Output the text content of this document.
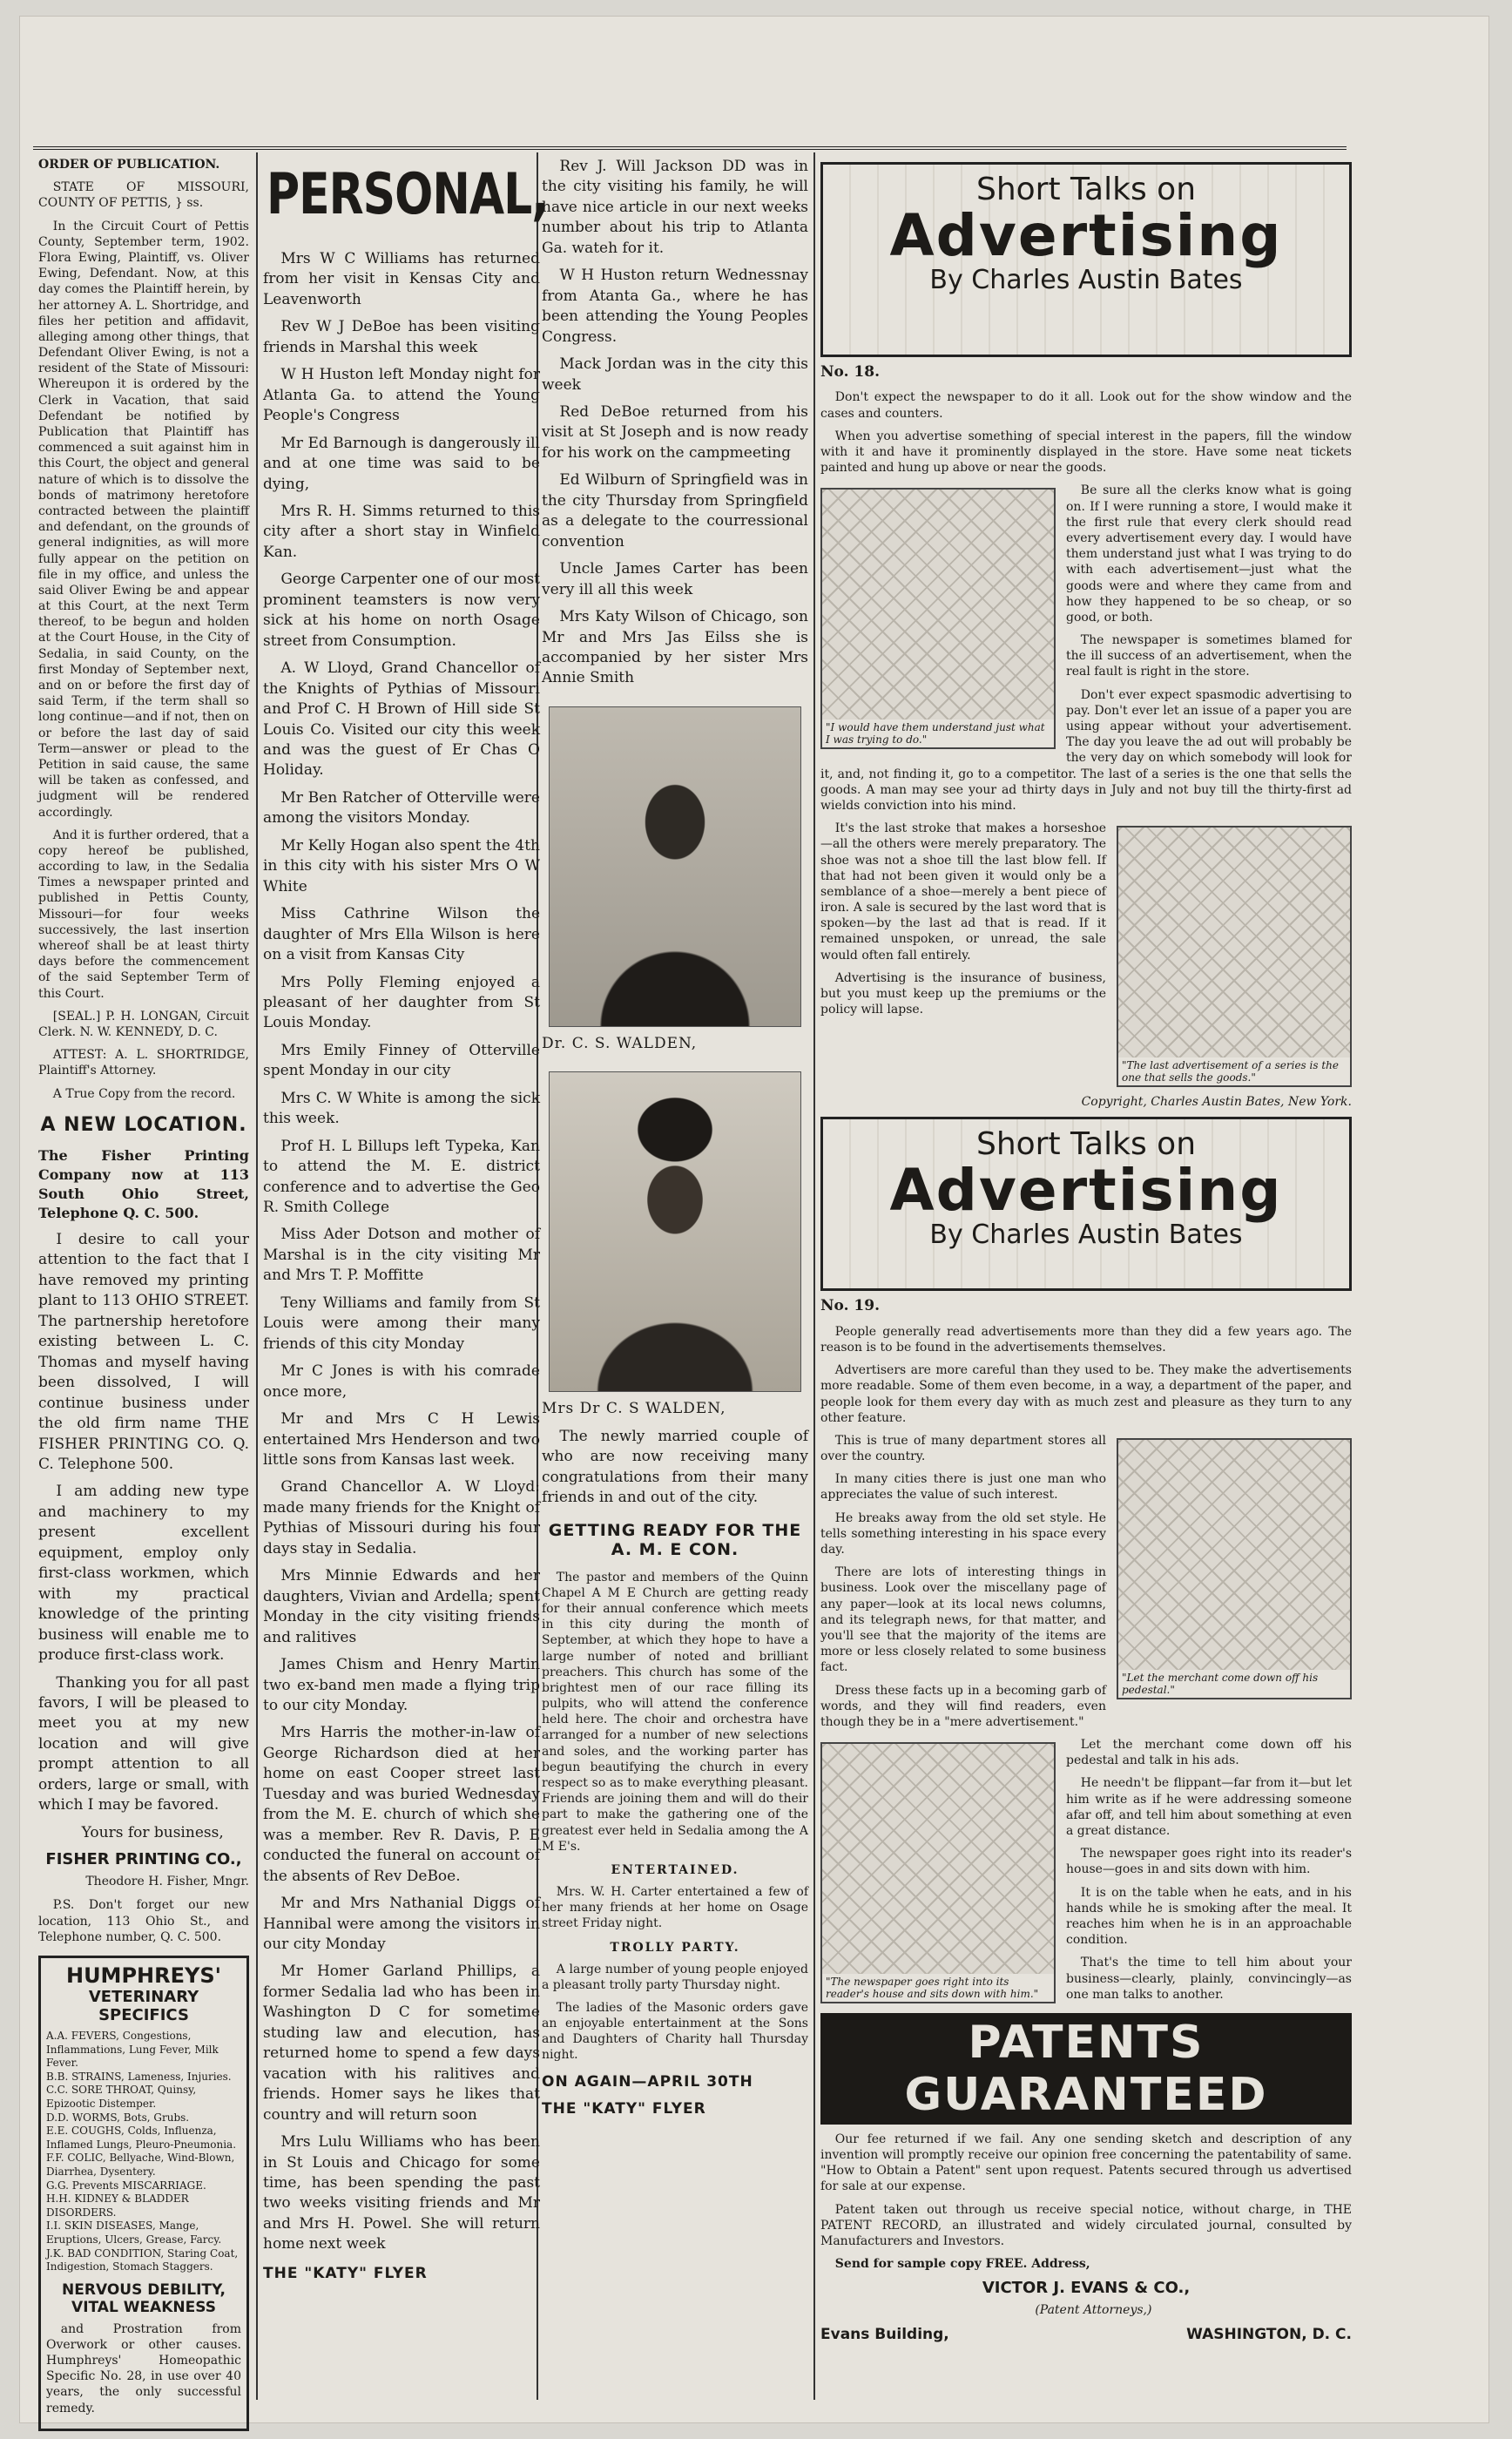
ORDER OF PUBLICATION.

STATE OF MISSOURI, COUNTY OF PETTIS, } ss.

In the Circuit Court of Pettis County, September term, 1902. Flora Ewing, Plaintiff, vs. Oliver Ewing, Defendant. Now, at this day comes the Plaintiff herein, by her attorney A. L. Shortridge, and files her petition and affidavit, alleging among other things, that Defendant Oliver Ewing, is not a resident of the State of Missouri: Whereupon it is ordered by the Clerk in Vacation, that said Defendant be notified by Publication that Plaintiff has commenced a suit against him in this Court, the object and general nature of which is to dissolve the bonds of matrimony heretofore contracted between the plaintiff and defendant, on the grounds of general indignities, as will more fully appear on the petition on file in my office, and unless the said Oliver Ewing be and appear at this Court, at the next Term thereof, to be begun and holden at the Court House, in the City of Sedalia, in said County, on the first Monday of September next, and on or before the first day of said Term, if the term shall so long continue—and if not, then on or before the last day of said Term—answer or plead to the Petition in said cause, the same will be taken as confessed, and judgment will be rendered accordingly.

And it is further ordered, that a copy hereof be published, according to law, in the Sedalia Times a newspaper printed and published in Pettis County, Missouri—for four weeks successively, the last insertion whereof shall be at least thirty days before the commencement of the said September Term of this Court.

[SEAL.] P. H. LONGAN, Circuit Clerk. N. W. KENNEDY, D. C.

ATTEST: A. L. SHORTRIDGE, Plaintiff's Attorney.

A True Copy from the record.

A NEW LOCATION.

The Fisher Printing Company now at 113 South Ohio Street, Telephone Q. C. 500.

I desire to call your attention to the fact that I have removed my printing plant to 113 OHIO STREET. The partnership heretofore existing between L. C. Thomas and myself having been dissolved, I will continue business under the old firm name THE FISHER PRINTING CO. Q. C. Telephone 500.

I am adding new type and machinery to my present excellent equipment, employ only first-class workmen, which with my practical knowledge of the printing business will enable me to produce first-class work.

Thanking you for all past favors, I will be pleased to meet you at my new location and will give prompt attention to all orders, large or small, with which I may be favored.

Yours for business,

FISHER PRINTING CO.,

Theodore H. Fisher, Mngr.

P.S. Don't forget our new location, 113 Ohio St., and Telephone number, Q. C. 500.

HUMPHREYS'
VETERINARY SPECIFICS
A.A. FEVERS, Congestions, Inflammations, Lung Fever, Milk Fever.
B.B. STRAINS, Lameness, Injuries.
C.C. SORE THROAT, Quinsy, Epizootic Distemper.
D.D. WORMS, Bots, Grubs.
E.E. COUGHS, Colds, Influenza, Inflamed Lungs, Pleuro-Pneumonia.
F.F. COLIC, Bellyache, Wind-Blown, Diarrhea, Dysentery.
G.G. Prevents MISCARRIAGE.
H.H. KIDNEY & BLADDER DISORDERS.
I.I. SKIN DISEASES, Mange, Eruptions, Ulcers, Grease, Farcy.
J.K. BAD CONDITION, Staring Coat, Indigestion, Stomach Staggers.
NERVOUS DEBILITY, VITAL WEAKNESS

and Prostration from Overwork or other causes. Humphreys' Homeopathic Specific No. 28, in use over 40 years, the only successful remedy.

PERSONAL,

Mrs W C Williams has returned from her visit in Kensas City and Leavenworth

Rev W J DeBoe has been visiting friends in Marshal this week

W H Huston left Monday night for Atlanta Ga. to attend the Young People's Congress

Mr Ed Barnough is dangerously ill and at one time was said to be dying,

Mrs R. H. Simms returned to this city after a short stay in Winfield Kan.

George Carpenter one of our most prominent teamsters is now very sick at his home on north Osage street from Consumption.

A. W Lloyd, Grand Chancellor of the Knights of Pythias of Missouri and Prof C. H Brown of Hill side St Louis Co. Visited our city this week and was the guest of Er Chas O Holiday.

Mr Ben Ratcher of Otterville were among the visitors Monday.

Mr Kelly Hogan also spent the 4th in this city with his sister Mrs O W White

Miss Cathrine Wilson the daughter of Mrs Ella Wilson is here on a visit from Kansas City

Mrs Polly Fleming enjoyed a pleasant of her daughter from St Louis Monday.

Mrs Emily Finney of Otterville spent Monday in our city

Mrs C. W White is among the sick this week.

Prof H. L Billups left Typeka, Kan to attend the M. E. district conference and to advertise the Geo R. Smith College

Miss Ader Dotson and mother of Marshal is in the city visiting Mr and Mrs T. P. Moffitte

Teny Williams and family from St Louis were among their many friends of this city Monday

Mr C Jones is with his comrade once more,

Mr and Mrs C H Lewis entertained Mrs Henderson and two little sons from Kansas last week.

Grand Chancellor A. W Lloyd: made many friends for the Knight of Pythias of Missouri during his four days stay in Sedalia.

Mrs Minnie Edwards and her daughters, Vivian and Ardella; spent Monday in the city visiting friends and ralitives

James Chism and Henry Martin two ex-band men made a flying trip to our city Monday.

Mrs Harris the mother-in-law of George Richardson died at her home on east Cooper street last Tuesday and was buried Wednesday from the M. E. church of which she was a member. Rev R. Davis, P. E conducted the funeral on account of the absents of Rev DeBoe.

Mr and Mrs Nathanial Diggs of Hannibal were among the visitors in our city Monday

Mr Homer Garland Phillips, a former Sedalia lad who has been in Washington D C for sometime studing law and elecution, has returned home to spend a few days vacation with his ralitives and friends. Homer says he likes that country and will return soon

Mrs Lulu Williams who has been in St Louis and Chicago for some time, has been spending the past two weeks visiting friends and Mr and Mrs H. Powel. She will return home next week

THE "KATY" FLYER

Rev J. Will Jackson DD was in the city visiting his family, he will have nice article in our next weeks number about his trip to Atlanta Ga. wateh for it.

W H Huston return Wednessnay from Atanta Ga., where he has been attending the Young Peoples Congress.

Mack Jordan was in the city this week

Red DeBoe returned from his visit at St Joseph and is now ready for his work on the campmeeting

Ed Wilburn of Springfield was in the city Thursday from Springfield as a delegate to the courressional convention

Uncle James Carter has been very ill all this week

Mrs Katy Wilson of Chicago, son Mr and Mrs Jas Eilss she is accompanied by her sister Mrs Annie Smith

Dr. C. S. WALDEN,

Mrs Dr C. S WALDEN,

The newly married couple of who are now receiving many congratulations from their many friends in and out of the city.

GETTING READY FOR THE A. M. E CON.

The pastor and members of the Quinn Chapel A M E Church are getting ready for their annual conference which meets in this city during the month of September, at which they hope to have a large number of noted and brilliant preachers. This church has some of the brightest men of our race filling its pulpits, who will attend the conference held here. The choir and orchestra have arranged for a number of new selections and soles, and the working parter has begun beautifying the church in every respect so as to make everything pleasant. Friends are joining them and will do their part to make the gathering one of the greatest ever held in Sedalia among the A M E's.

ENTERTAINED.

Mrs. W. H. Carter entertained a few of her many friends at her home on Osage street Friday night.

TROLLY PARTY.

A large number of young people enjoyed a pleasant trolly party Thursday night.

The ladies of the Masonic orders gave an enjoyable entertainment at the Sons and Daughters of Charity hall Thursday night.

ON AGAIN—APRIL 30TH

THE "KATY" FLYER

Short Talks on
Advertising
By Charles Austin Bates

No. 18.

Don't expect the newspaper to do it all. Look out for the show window and the cases and counters.

When you advertise something of special interest in the papers, fill the window with it and have it prominently displayed in the store. Have some neat tickets painted and hung up above or near the goods.

"I would have them understand just what I was trying to do."

Be sure all the clerks know what is going on. If I were running a store, I would make it the first rule that every clerk should read every advertisement every day. I would have them understand just what I was trying to do with each advertisement—just what the goods were and where they came from and how they happened to be so cheap, or so good, or both.

The newspaper is sometimes blamed for the ill success of an advertisement, when the real fault is right in the store.

Don't ever expect spasmodic advertising to pay. Don't ever let an issue of a paper you are using appear without your advertisement. The day you leave the ad out will probably be the very day on which somebody will look for it, and, not finding it, go to a competitor. The last of a series is the one that sells the goods. A man may see your ad thirty days in July and not buy till the thirty-first ad wields conviction into his mind.

"The last advertisement of a series is the one that sells the goods."

It's the last stroke that makes a horseshoe—all the others were merely preparatory. The shoe was not a shoe till the last blow fell. If that had not been given it would only be a semblance of a shoe—merely a bent piece of iron. A sale is secured by the last word that is spoken—by the last ad that is read. If it remained unspoken, or unread, the sale would often fall entirely.

Advertising is the insurance of business, but you must keep up the premiums or the policy will lapse.

Copyright, Charles Austin Bates, New York.

Short Talks on
Advertising
By Charles Austin Bates

No. 19.

People generally read advertisements more than they did a few years ago. The reason is to be found in the advertisements themselves.

Advertisers are more careful than they used to be. They make the advertisements more readable. Some of them even become, in a way, a department of the paper, and people look for them every day with as much zest and pleasure as they turn to any other feature.

"Let the merchant come down off his pedestal."

This is true of many department stores all over the country.

In many cities there is just one man who appreciates the value of such interest.

He breaks away from the old set style. He tells something interesting in his space every day.

There are lots of interesting things in business. Look over the miscellany page of any paper—look at its local news columns, and its telegraph news, for that matter, and you'll see that the majority of the items are more or less closely related to some business fact.

Dress these facts up in a becoming garb of words, and they will find readers, even though they be in a "mere advertisement."

"The newspaper goes right into its reader's house and sits down with him."

Let the merchant come down off his pedestal and talk in his ads.

He needn't be flippant—far from it—but let him write as if he were addressing someone afar off, and tell him about something at even a great distance.

The newspaper goes right into its reader's house—goes in and sits down with him.

It is on the table when he eats, and in his hands while he is smoking after the meal. It reaches him when he is in an approachable condition.

That's the time to tell him about your business—clearly, plainly, convincingly—as one man talks to another.

PATENTS GUARANTEED

Our fee returned if we fail. Any one sending sketch and description of any invention will promptly receive our opinion free concerning the patentability of same. "How to Obtain a Patent" sent upon request. Patents secured through us advertised for sale at our expense.

Patent taken out through us receive special notice, without charge, in THE PATENT RECORD, an illustrated and widely circulated journal, consulted by Manufacturers and Investors.

Send for sample copy FREE. Address,

VICTOR J. EVANS & CO.,

(Patent Attorneys,)

Evans Building,	WASHINGTON, D. C.
